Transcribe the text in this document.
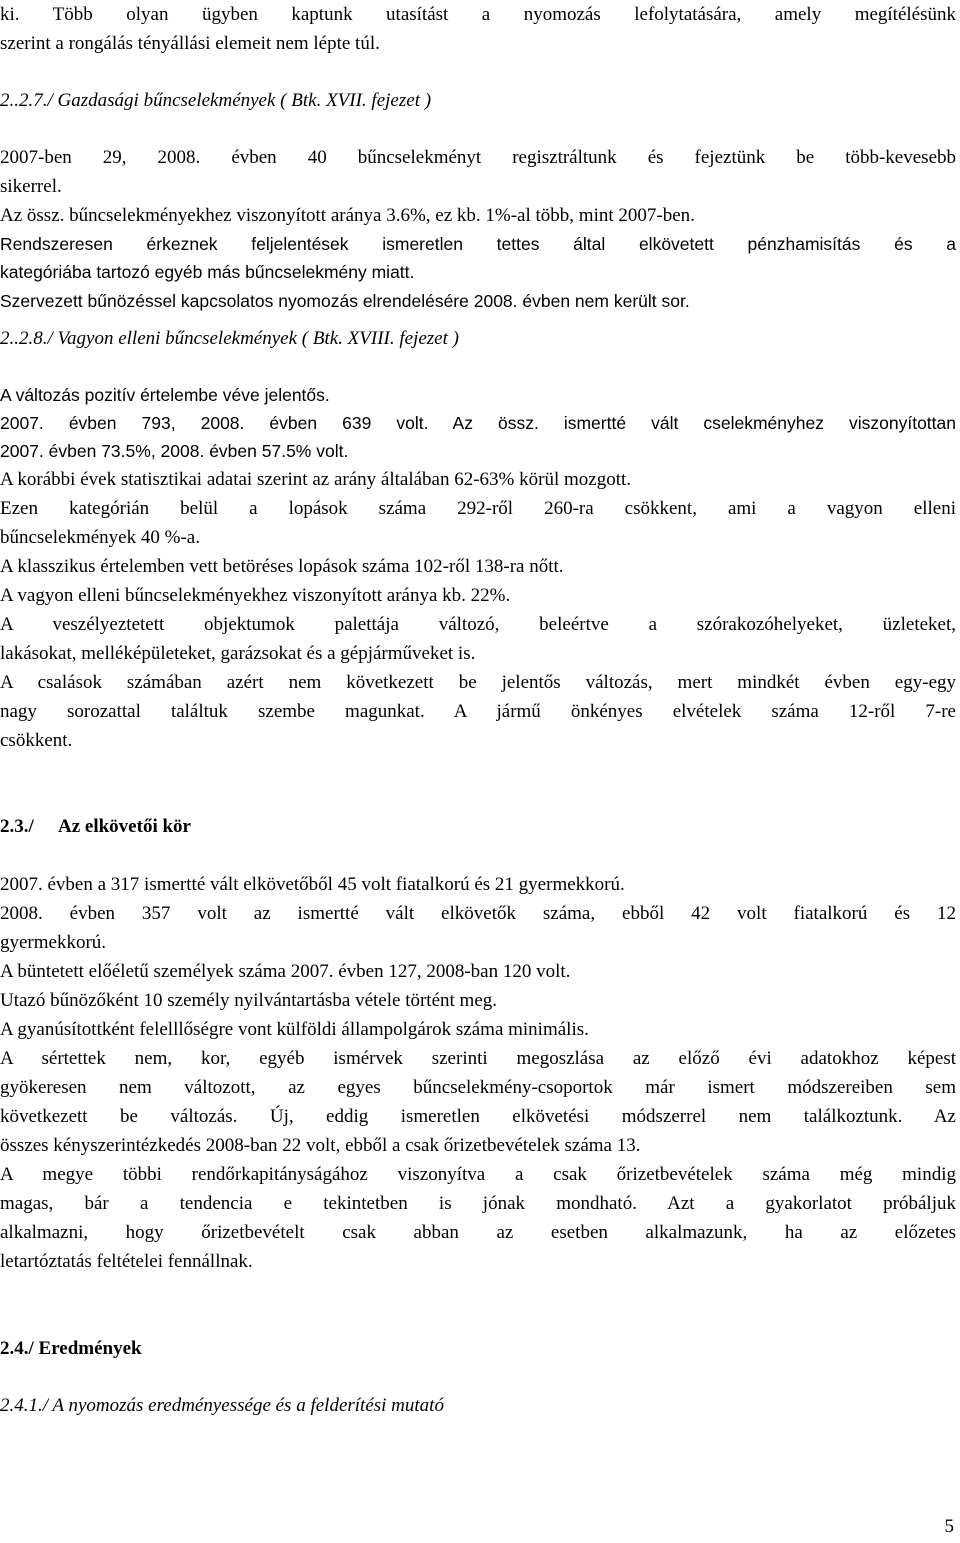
ki. Több olyan ügyben kaptunk utasítást a nyomozás lefolytatására, amely megítélésünk
szerint a rongálás tényállási elemeit nem lépte túl.
2..2.7./ Gazdasági bűncselekmények ( Btk. XVII. fejezet )
2007-ben 29, 2008. évben 40 bűncselekményt regisztráltunk és fejeztünk be több-kevesebb
sikerrel.
Az össz. bűncselekményekhez viszonyított aránya 3.6%, ez kb. 1%-al több, mint 2007-ben.
Rendszeresen érkeznek feljelentések ismeretlen tettes által elkövetett pénzhamisítás és a
kategóriába tartozó egyéb más bűncselekmény miatt.
Szervezett bűnözéssel kapcsolatos nyomozás elrendelésére 2008. évben nem került sor.
2..2.8./ Vagyon elleni bűncselekmények ( Btk. XVIII. fejezet )
A változás pozitív értelembe véve jelentős.
2007. évben 793, 2008. évben 639 volt. Az össz. ismertté vált cselekményhez viszonyítottan
2007. évben 73.5%, 2008. évben 57.5% volt.
A korábbi évek statisztikai adatai szerint az arány általában 62-63% körül mozgott.
Ezen kategórián belül a lopások száma 292-ről 260-ra csökkent, ami a vagyon elleni
bűncselekmények 40 %-a.
A klasszikus értelemben vett betöréses lopások száma 102-ről 138-ra nőtt.
A vagyon elleni bűncselekményekhez viszonyított aránya kb. 22%.
A veszélyeztetett objektumok palettája változó, beleértve a szórakozóhelyeket, üzleteket,
lakásokat, melléképületeket, garázsokat és a gépjárműveket is.
A csalások számában azért nem következett be jelentős változás, mert mindkét évben egy-egy
nagy sorozattal találtuk szembe magunkat. A jármű önkényes elvételek száma 12-ről 7-re
csökkent.
2.3./ Az elkövetői kör
2007. évben a 317 ismertté vált elkövetőből 45 volt fiatalkorú és 21 gyermekkorú.
2008. évben 357 volt az ismertté vált elkövetők száma, ebből 42 volt fiatalkorú és 12
gyermekkorú.
A büntetett előéletű személyek száma 2007. évben 127, 2008-ban 120 volt.
Utazó bűnözőként 10 személy nyilvántartásba vétele történt meg.
A gyanúsítottként felelllőségre vont külföldi állampolgárok száma minimális.
A sértettek nem, kor, egyéb ismérvek szerinti megoszlása az előző évi adatokhoz képest
gyökeresen nem változott, az egyes bűncselekmény-csoportok már ismert módszereiben sem
következett be változás. Új, eddig ismeretlen elkövetési módszerrel nem találkoztunk. Az
összes kényszerintézkedés 2008-ban 22 volt, ebből a csak őrizetbevételek száma 13.
A megye többi rendőrkapitányságához viszonyítva a csak őrizetbevételek száma még mindig
magas, bár a tendencia e tekintetben is jónak mondható. Azt a gyakorlatot próbáljuk
alkalmazni, hogy őrizetbevételt csak abban az esetben alkalmazunk, ha az előzetes
letartóztatás feltételei fennállnak.
2.4./ Eredmények
2.4.1./ A nyomozás eredményessége és a felderítési mutató
5
